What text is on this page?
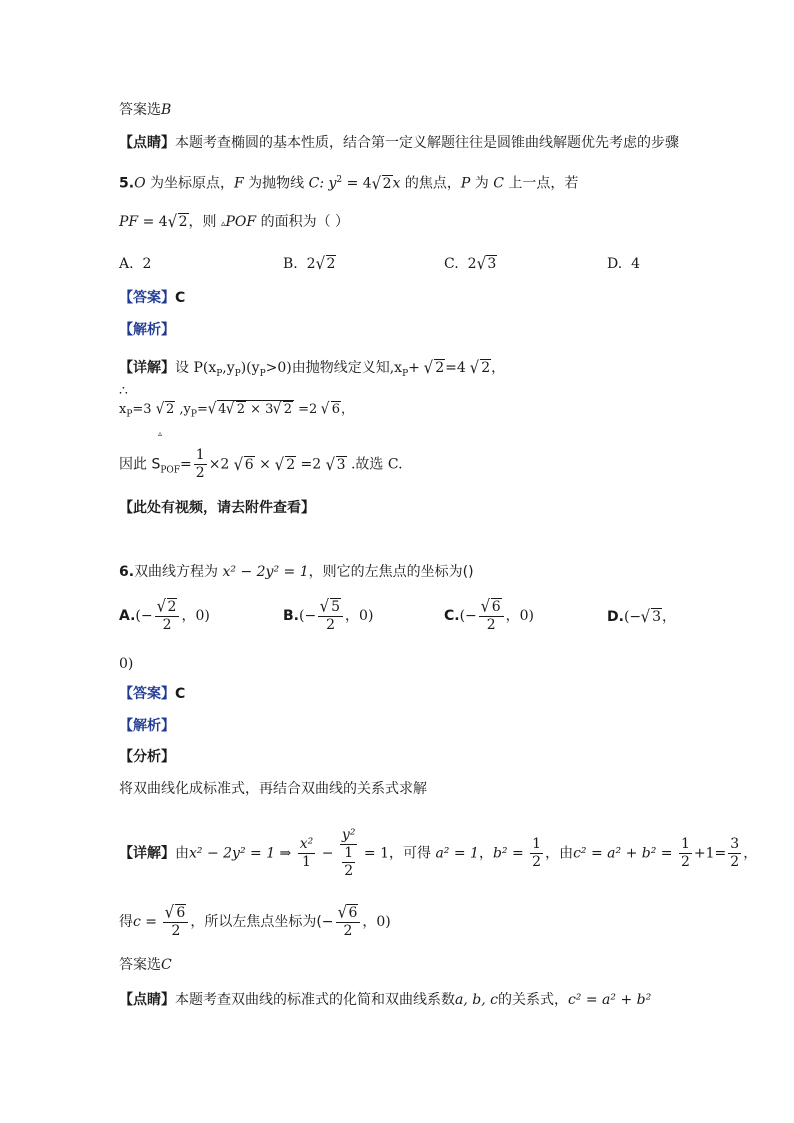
答案选B
【点睛】本题考查椭圆的基本性质，结合第一定义解题往往是圆锥曲线解题优先考虑的步骤
5.O 为坐标原点，F 为抛物线 C: $y^2 = 4√$ 2x 的焦点，P 为 C 上一点，若
PF = 4√ 2，则 ▵POF 的面积为（ ）
A. 2	B. 2√ 2	C. 2√ 3	D. 4
【答案】C
【解析】
【详解】设 $P(x_P,y_P)(y_P>0)$由抛物线定义知$,x_P+$ √ 2=4 √ 2，
∴
$x_P=3$ √ 2 $,y_P=√$ 4√ 2 × 3√ 2 =2 √ 6，
▵
因此 $S_{POF}= \frac{1}{2} \times 2$ √ 6 × √ 2 =2 √ 3 .故选 C.
【此处有视频，请去附件查看】
6.双曲线方程为 x² − 2y² = 1，则它的左焦点的坐标为()
$A.(- \frac{√ 2}{2}$ ，0)	$B.(- \frac{√ 5}{2}$ ，0)	$C.(- \frac{√ 6}{2}$ ，0)	D.(−√ 3，
0)
【答案】C
【解析】
【分析】
将双曲线化成标准式，再结合双曲线的关系式求解
【详解】由x² − 2y² = 1 ⇒ $\frac{\text{x²}}{1} - \frac{\text{y²}}{\frac{1}{2}} = 1$，可得 a² = 1，$b^2 = \frac{1}{2}$ ，由$c^2 = a^2 + b^2 = \frac{1}{2} +1= \frac{3}{2}$ ，
得$c = \frac{√ 6}{2}$ ，所以左焦点坐标为(− $\frac{√ 6}{2}$ ，0)
答案选C
【点睛】本题考查双曲线的标准式的化简和双曲线系数a, b, c的关系式，c² = a² + b²
